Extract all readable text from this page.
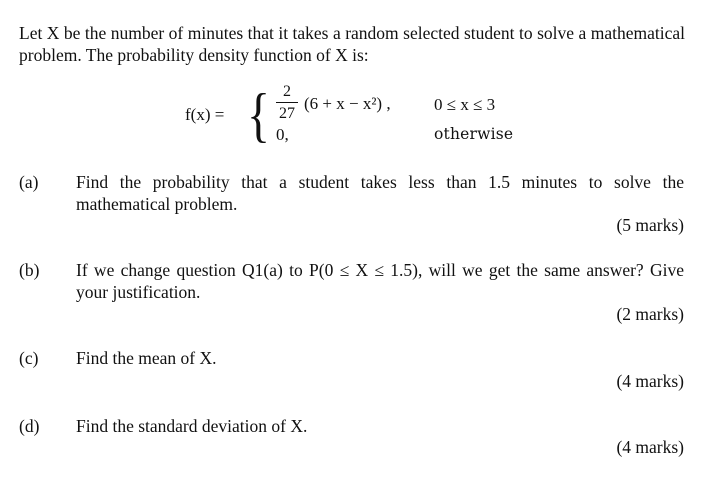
Let X be the number of minutes that it takes a random selected student to solve a mathematical problem. The probability density function of X is:
f(x) = { 2
27
(6 + x − x²) ,	0 ≤ x ≤ 3
0,	otherwise
(a) Find the probability that a student takes less than 1.5 minutes to solve the mathematical problem.
(5 marks)
(b) If we change question Q1(a) to P(0 ≤ X ≤ 1.5), will we get the same answer? Give your justification.
(2 marks)
(c) Find the mean of X.
(4 marks)
(d) Find the standard deviation of X.
(4 marks)
